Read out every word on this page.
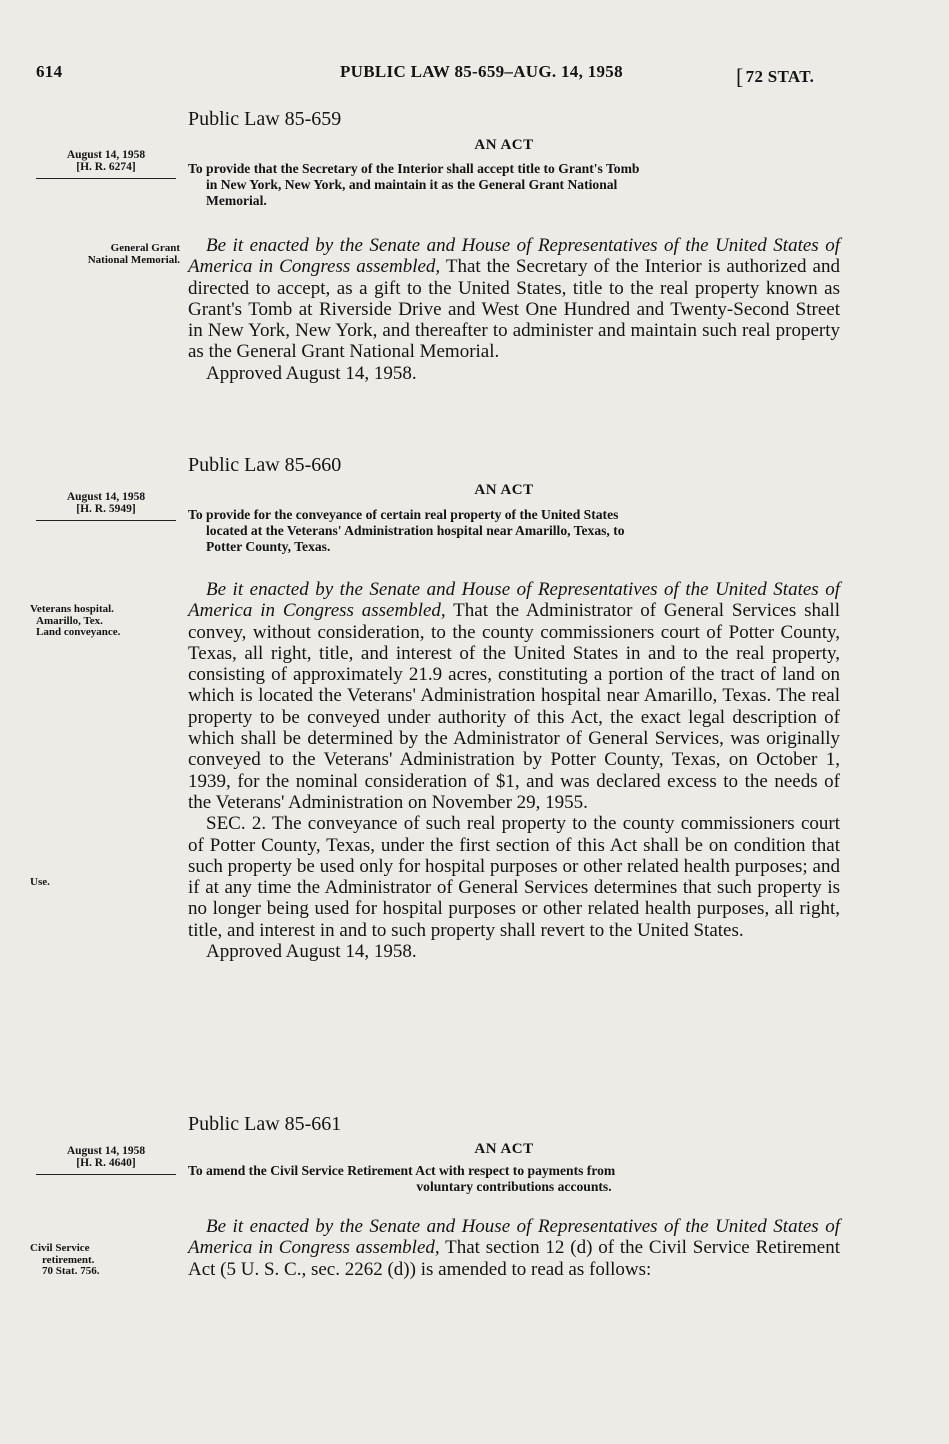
614	PUBLIC LAW 85-659–AUG. 14, 1958	[ 72 STAT.
Public Law 85-659
AN ACT
August 14, 1958
[H. R. 6274]	To provide that the Secretary of the Interior shall accept title to Grant's Tomb
in New York, New York, and maintain it as the General Grant National
Memorial.
General Grant
National Memorial.

Be it enacted by the Senate and House of Representatives of the United States of America in Congress assembled, That the Secretary of the Interior is authorized and directed to accept, as a gift to the United States, title to the real property known as Grant's Tomb at Riverside Drive and West One Hundred and Twenty-Second Street in New York, New York, and thereafter to administer and maintain such real property as the General Grant National Memorial.

Approved August 14, 1958.

Public Law 85-660
AN ACT
August 14, 1958
[H. R. 5949]	To provide for the conveyance of certain real property of the United States
located at the Veterans' Administration hospital near Amarillo, Texas, to
Potter County, Texas.
Veterans hospital.
Amarillo, Tex.
Land conveyance.
Use.

Be it enacted by the Senate and House of Representatives of the United States of America in Congress assembled, That the Administrator of General Services shall convey, without consideration, to the county commissioners court of Potter County, Texas, all right, title, and interest of the United States in and to the real property, consisting of approximately 21.9 acres, constituting a portion of the tract of land on which is located the Veterans' Administration hospital near Amarillo, Texas. The real property to be conveyed under authority of this Act, the exact legal description of which shall be determined by the Administrator of General Services, was originally conveyed to the Veterans' Administration by Potter County, Texas, on October 1, 1939, for the nominal consideration of $1, and was declared excess to the needs of the Veterans' Administration on November 29, 1955.

SEC. 2. The conveyance of such real property to the county commissioners court of Potter County, Texas, under the first section of this Act shall be on condition that such property be used only for hospital purposes or other related health purposes; and if at any time the Administrator of General Services determines that such property is no longer being used for hospital purposes or other related health purposes, all right, title, and interest in and to such property shall revert to the United States.

Approved August 14, 1958.

Public Law 85-661
AN ACT
August 14, 1958
[H. R. 4640]	To amend the Civil Service Retirement Act with respect to payments from
voluntary contributions accounts.
Civil Service
retirement.
70 Stat. 756.

Be it enacted by the Senate and House of Representatives of the United States of America in Congress assembled, That section 12 (d) of the Civil Service Retirement Act (5 U. S. C., sec. 2262 (d)) is amended to read as follows:
